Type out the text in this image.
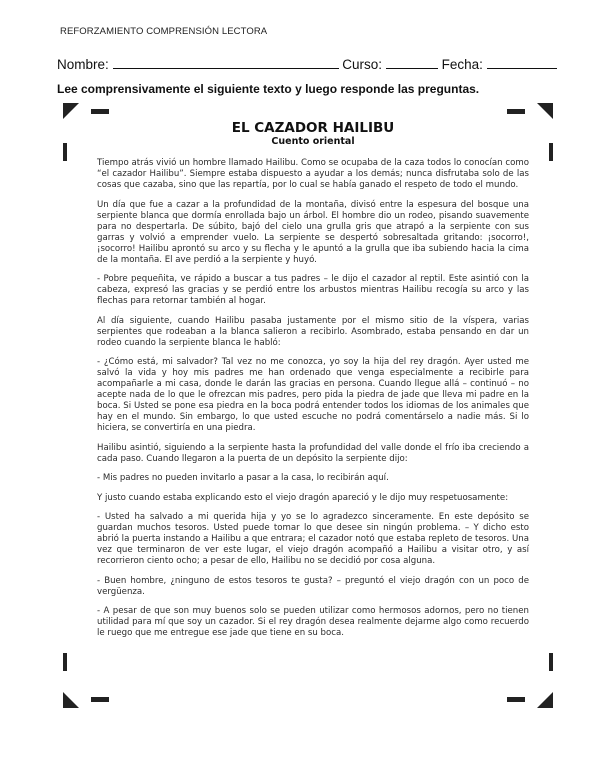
REFORZAMIENTO COMPRENSIÓN LECTORA
Nombre:	Curso:	Fecha:
Lee comprensivamente el siguiente texto y luego responde las preguntas.
EL CAZADOR HAILIBU
Cuento oriental

Tiempo atrás vivió un hombre llamado Hailibu. Como se ocupaba de la caza todos lo conocían como “el cazador Hailibu”. Siempre estaba dispuesto a ayudar a los demás; nunca disfrutaba solo de las cosas que cazaba, sino que las repartía, por lo cual se había ganado el respeto de todo el mundo.

Un día que fue a cazar a la profundidad de la montaña, divisó entre la espesura del bosque una serpiente blanca que dormía enrollada bajo un árbol. El hombre dio un rodeo, pisando suavemente para no despertarla. De súbito, bajó del cielo una grulla gris que atrapó a la serpiente con sus garras y volvió a emprender vuelo. La serpiente se despertó sobresaltada gritando: ¡socorro!, ¡socorro! Hailibu aprontó su arco y su flecha y le apuntó a la grulla que iba subiendo hacia la cima de la montaña. El ave perdió a la serpiente y huyó.

- Pobre pequeñita, ve rápido a buscar a tus padres – le dijo el cazador al reptil. Este asintió con la cabeza, expresó las gracias y se perdió entre los arbustos mientras Hailibu recogía su arco y las flechas para retornar también al hogar.

Al día siguiente, cuando Hailibu pasaba justamente por el mismo sitio de la víspera, varias serpientes que rodeaban a la blanca salieron a recibirlo. Asombrado, estaba pensando en dar un rodeo cuando la serpiente blanca le habló:

- ¿Cómo está, mi salvador? Tal vez no me conozca, yo soy la hija del rey dragón. Ayer usted me salvó la vida y hoy mis padres me han ordenado que venga especialmente a recibirle para acompañarle a mi casa, donde le darán las gracias en persona. Cuando llegue allá – continuó – no acepte nada de lo que le ofrezcan mis padres, pero pida la piedra de jade que lleva mi padre en la boca. Si Usted se pone esa piedra en la boca podrá entender todos los idiomas de los animales que hay en el mundo. Sin embargo, lo que usted escuche no podrá comentárselo a nadie más. Si lo hiciera, se convertiría en una piedra.

Hailibu asintió, siguiendo a la serpiente hasta la profundidad del valle donde el frío iba creciendo a cada paso. Cuando llegaron a la puerta de un depósito la serpiente dijo:

- Mis padres no pueden invitarlo a pasar a la casa, lo recibirán aquí.

Y justo cuando estaba explicando esto el viejo dragón apareció y le dijo muy respetuosamente:

- Usted ha salvado a mi querida hija y yo se lo agradezco sinceramente. En este depósito se guardan muchos tesoros. Usted puede tomar lo que desee sin ningún problema. – Y dicho esto abrió la puerta instando a Hailibu a que entrara; el cazador notó que estaba repleto de tesoros. Una vez que terminaron de ver este lugar, el viejo dragón acompañó a Hailibu a visitar otro, y así recorrieron ciento ocho; a pesar de ello, Hailibu no se decidió por cosa alguna.

- Buen hombre, ¿ninguno de estos tesoros te gusta? – preguntó el viejo dragón con un poco de vergüenza.

- A pesar de que son muy buenos solo se pueden utilizar como hermosos adornos, pero no tienen utilidad para mí que soy un cazador. Si el rey dragón desea realmente dejarme algo como recuerdo le ruego que me entregue ese jade que tiene en su boca.
